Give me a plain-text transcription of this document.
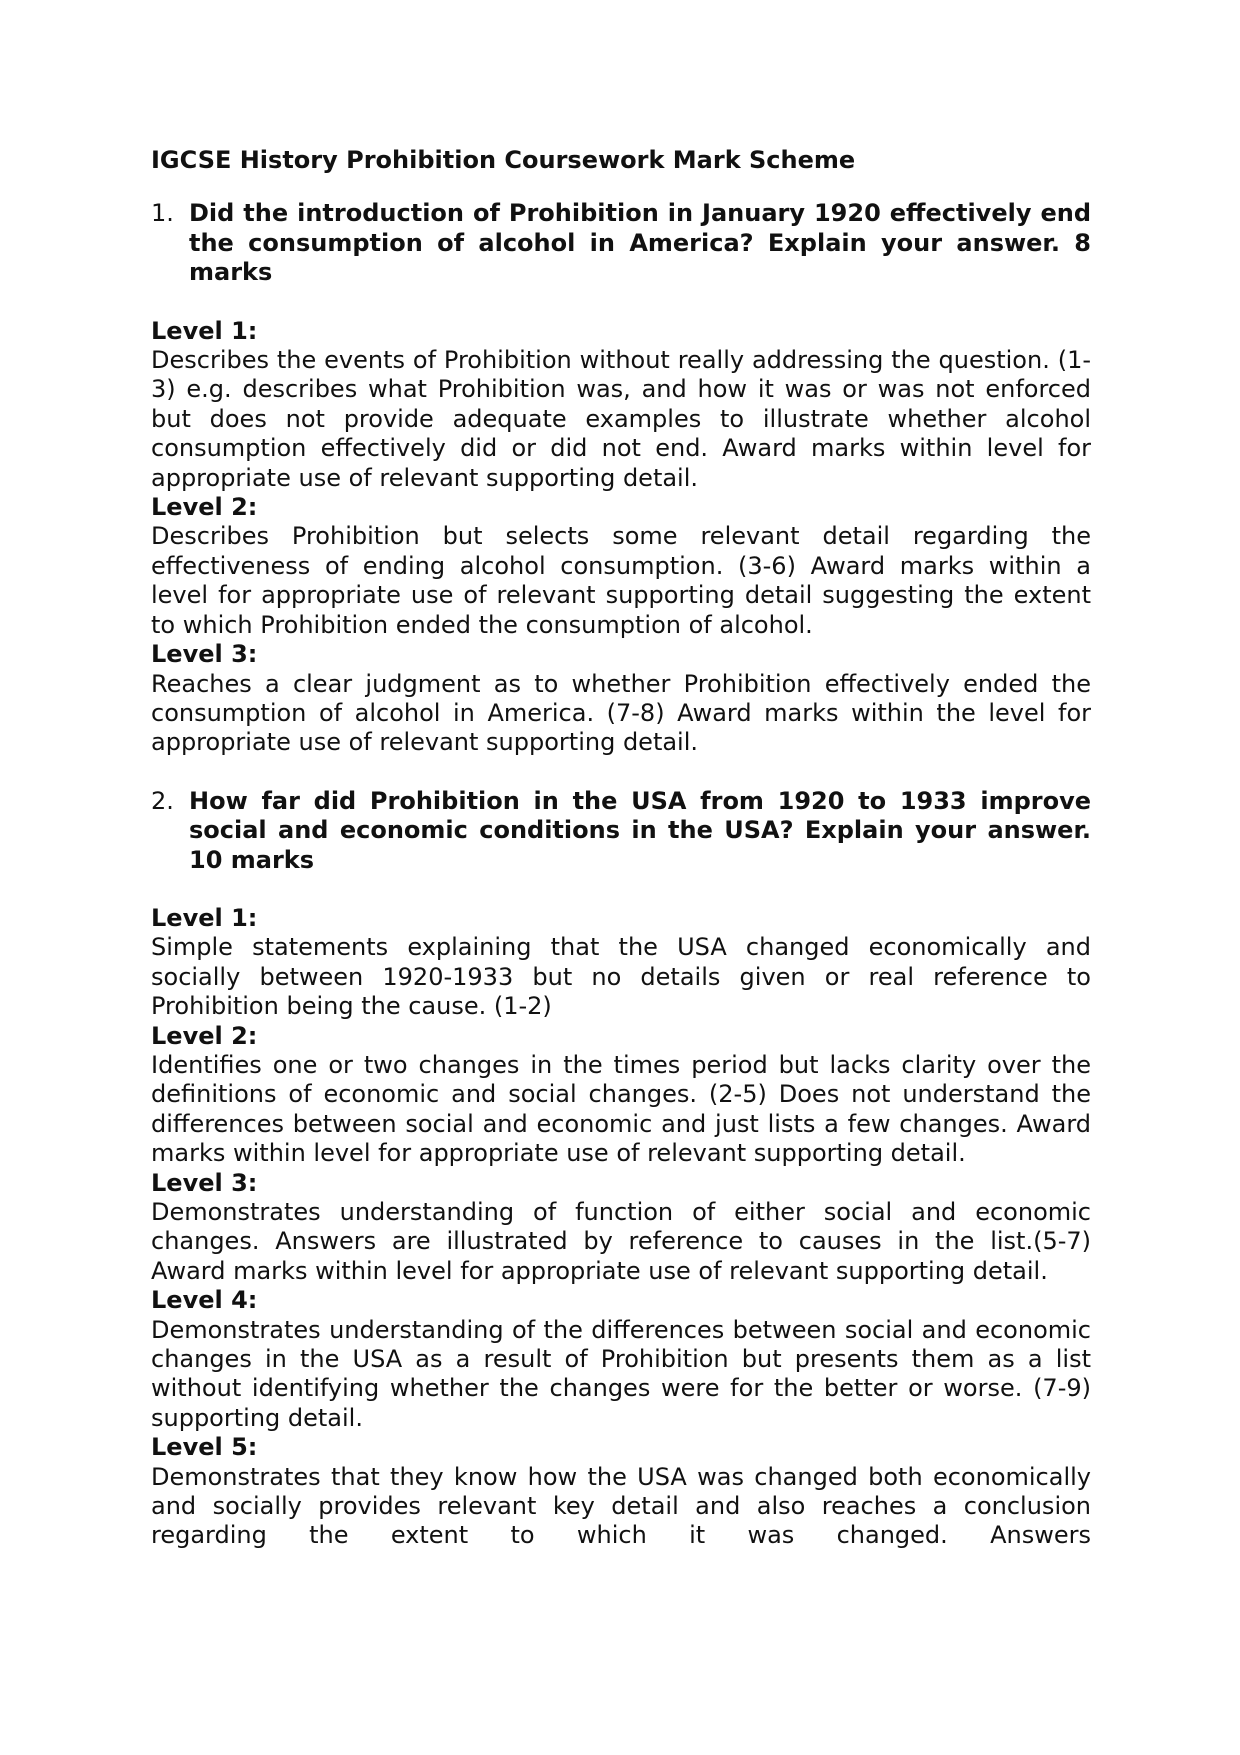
IGCSE History Prohibition Coursework Mark Scheme
1. Did the introduction of Prohibition in January 1920 effectively end the consumption of alcohol in America? Explain your answer. 8 marks

Level 1:

Describes the events of Prohibition without really addressing the question. (1-3) e.g. describes what Prohibition was, and how it was or was not enforced but does not provide adequate examples to illustrate whether alcohol consumption effectively did or did not end. Award marks within level for appropriate use of relevant supporting detail.

Level 2:

Describes Prohibition but selects some relevant detail regarding the effectiveness of ending alcohol consumption. (3-6) Award marks within a level for appropriate use of relevant supporting detail suggesting the extent to which Prohibition ended the consumption of alcohol.

Level 3:

Reaches a clear judgment as to whether Prohibition effectively ended the consumption of alcohol in America. (7-8) Award marks within the level for appropriate use of relevant supporting detail.

2. How far did Prohibition in the USA from 1920 to 1933 improve social and economic conditions in the USA? Explain your answer. 10 marks

Level 1:

Simple statements explaining that the USA changed economically and socially between 1920-1933 but no details given or real reference to Prohibition being the cause. (1-2)

Level 2:

Identifies one or two changes in the times period but lacks clarity over the definitions of economic and social changes. (2-5) Does not understand the differences between social and economic and just lists a few changes. Award marks within level for appropriate use of relevant supporting detail.

Level 3:

Demonstrates understanding of function of either social and economic changes. Answers are illustrated by reference to causes in the list.(5-7) Award marks within level for appropriate use of relevant supporting detail.

Level 4:

Demonstrates understanding of the differences between social and economic changes in the USA as a result of Prohibition but presents them as a list without identifying whether the changes were for the better or worse. (7-9) supporting detail.

Level 5:

Demonstrates that they know how the USA was changed both economically and socially provides relevant key detail and also reaches a conclusion regarding the extent to which it was changed. Answers
